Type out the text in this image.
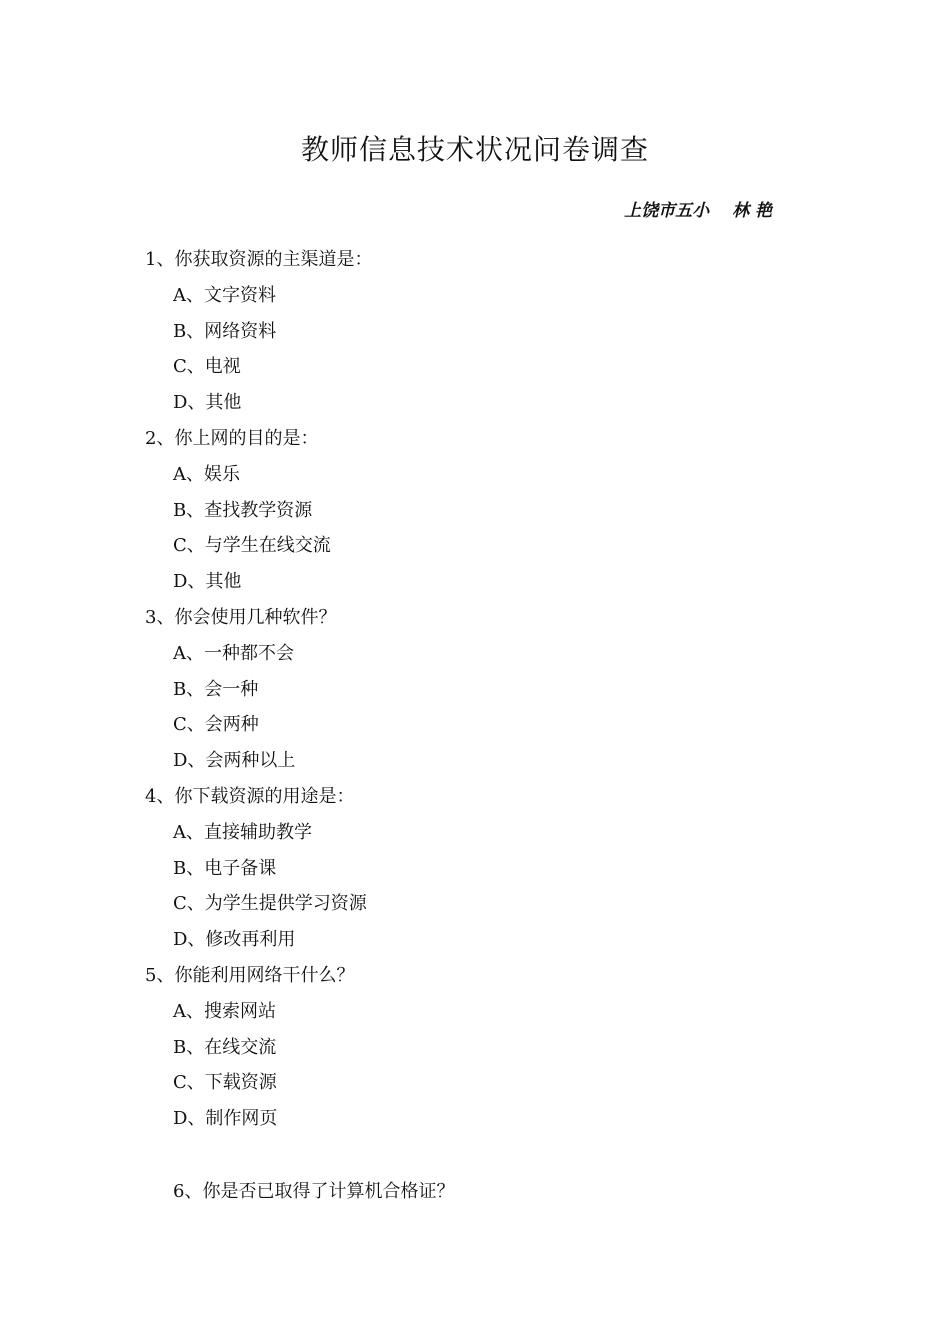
教师信息技术状况问卷调查
上饶市五小　 林 艳
1、你获取资源的主渠道是：
A、文字资料
B、网络资料
C、电视
D、其他
2、你上网的目的是：
A、娱乐
B、查找教学资源
C、与学生在线交流
D、其他
3、你会使用几种软件？
A、一种都不会
B、会一种
C、会两种
D、会两种以上
4、你下载资源的用途是：
A、直接辅助教学
B、电子备课
C、为学生提供学习资源
D、修改再利用
5、你能利用网络干什么？
A、搜索网站
B、在线交流
C、下载资源
D、制作网页
6、你是否已取得了计算机合格证？
